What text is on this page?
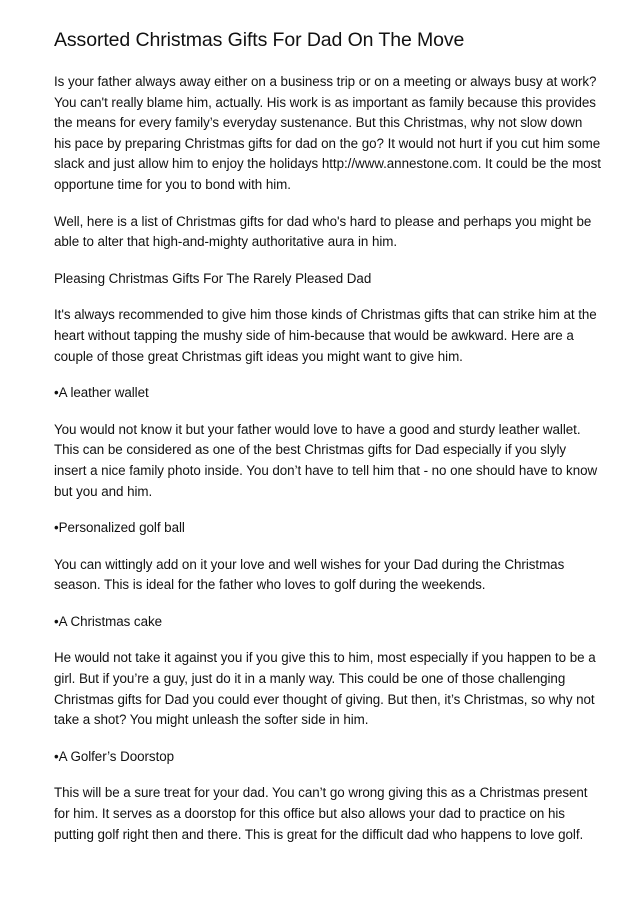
Assorted Christmas Gifts For Dad On The Move
Is your father always away either on a business trip or on a meeting or always busy at work?
You can't really blame him, actually. His work is as important as family because this provides
the means for every family’s everyday sustenance. But this Christmas, why not slow down
his pace by preparing Christmas gifts for dad on the go? It would not hurt if you cut him some
slack and just allow him to enjoy the holidays http://www.annestone.com. It could be the most
opportune time for you to bond with him.
Well, here is a list of Christmas gifts for dad who's hard to please and perhaps you might be
able to alter that high-and-mighty authoritative aura in him.
Pleasing Christmas Gifts For The Rarely Pleased Dad
It's always recommended to give him those kinds of Christmas gifts that can strike him at the
heart without tapping the mushy side of him-because that would be awkward. Here are a
couple of those great Christmas gift ideas you might want to give him.
•A leather wallet
You would not know it but your father would love to have a good and sturdy leather wallet.
This can be considered as one of the best Christmas gifts for Dad especially if you slyly
insert a nice family photo inside. You don’t have to tell him that - no one should have to know
but you and him.
•Personalized golf ball
You can wittingly add on it your love and well wishes for your Dad during the Christmas
season. This is ideal for the father who loves to golf during the weekends.
•A Christmas cake
He would not take it against you if you give this to him, most especially if you happen to be a
girl. But if you’re a guy, just do it in a manly way. This could be one of those challenging
Christmas gifts for Dad you could ever thought of giving. But then, it’s Christmas, so why not
take a shot? You might unleash the softer side in him.
•A Golfer’s Doorstop
This will be a sure treat for your dad. You can’t go wrong giving this as a Christmas present
for him. It serves as a doorstop for this office but also allows your dad to practice on his
putting golf right then and there. This is great for the difficult dad who happens to love golf.
